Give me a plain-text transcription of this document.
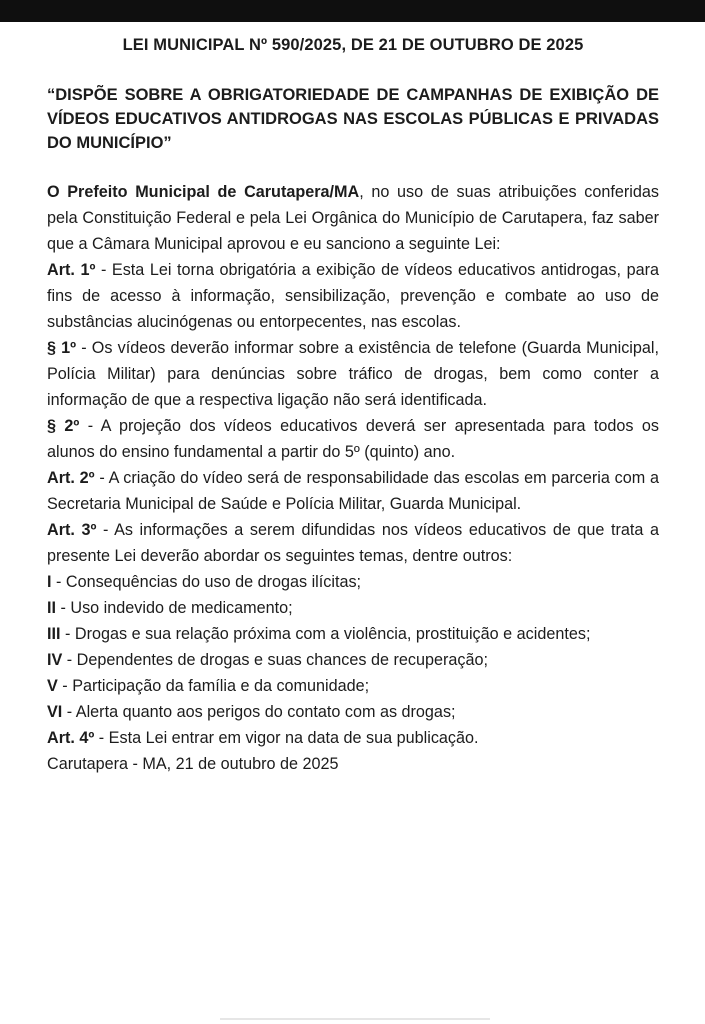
LEI MUNICIPAL Nº 590/2025, DE 21 DE OUTUBRO DE 2025

“DISPÕE SOBRE A OBRIGATORIEDADE DE CAMPANHAS DE EXIBIÇÃO DE VÍDEOS EDUCATIVOS ANTIDROGAS NAS ESCOLAS PÚBLICAS E PRIVADAS DO MUNICÍPIO”

O Prefeito Municipal de Carutapera/MA, no uso de suas atribuições conferidas pela Constituição Federal e pela Lei Orgânica do Município de Carutapera, faz saber que a Câmara Municipal aprovou e eu sanciono a seguinte Lei:

Art. 1º - Esta Lei torna obrigatória a exibição de vídeos educativos antidrogas, para fins de acesso à informação, sensibilização, prevenção e combate ao uso de substâncias alucinógenas ou entorpecentes, nas escolas.

§ 1º - Os vídeos deverão informar sobre a existência de telefone (Guarda Municipal, Polícia Militar) para denúncias sobre tráfico de drogas, bem como conter a informação de que a respectiva ligação não será identificada.

§ 2º - A projeção dos vídeos educativos deverá ser apresentada para todos os alunos do ensino fundamental a partir do 5º (quinto) ano.

Art. 2º - A criação do vídeo será de responsabilidade das escolas em parceria com a Secretaria Municipal de Saúde e Polícia Militar, Guarda Municipal.

Art. 3º - As informações a serem difundidas nos vídeos educativos de que trata a presente Lei deverão abordar os seguintes temas, dentre outros:

I - Consequências do uso de drogas ilícitas;

II - Uso indevido de medicamento;

III - Drogas e sua relação próxima com a violência, prostituição e acidentes;

IV - Dependentes de drogas e suas chances de recuperação;

V - Participação da família e da comunidade;

VI - Alerta quanto aos perigos do contato com as drogas;

Art. 4º - Esta Lei entrar em vigor na data de sua publicação.

Carutapera - MA, 21 de outubro de 2025
